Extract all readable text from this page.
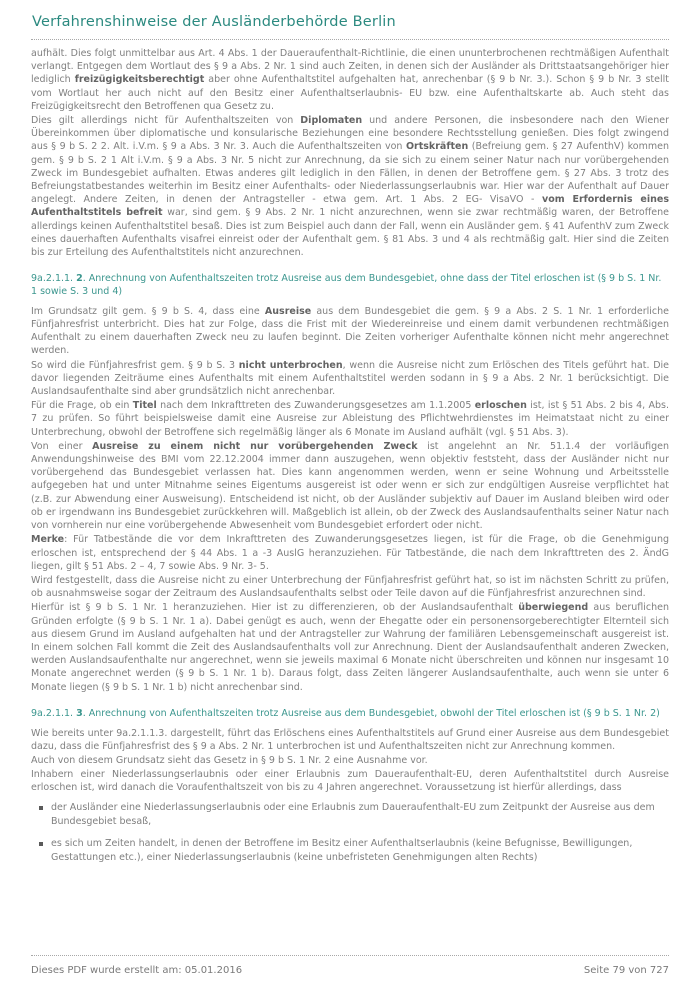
Verfahrenshinweise der Ausländerbehörde Berlin

aufhält. Dies folgt unmittelbar aus Art. 4 Abs. 1 der Daueraufenthalt-Richtlinie, die einen ununterbrochenen rechtmäßigen Aufenthalt verlangt. Entgegen dem Wortlaut des § 9 a Abs. 2 Nr. 1 sind auch Zeiten, in denen sich der Ausländer als Drittstaatsangehöriger hier lediglich freizügigkeitsberechtigt aber ohne Aufenthaltstitel aufgehalten hat, anrechenbar (§ 9 b Nr. 3.). Schon § 9 b Nr. 3 stellt vom Wortlaut her auch nicht auf den Besitz einer Aufenthaltserlaubnis- EU bzw. eine Aufenthaltskarte ab. Auch steht das Freizügigkeitsrecht den Betroffenen qua Gesetz zu.

Dies gilt allerdings nicht für Aufenthaltszeiten von Diplomaten und andere Personen, die insbesondere nach den Wiener Übereinkommen über diplomatische und konsularische Beziehungen eine besondere Rechtsstellung genießen. Dies folgt zwingend aus § 9 b S. 2 2. Alt. i.V.m. § 9 a Abs. 3 Nr. 3. Auch die Aufenthaltszeiten von Ortskräften (Befreiung gem. § 27 AufenthV) kommen gem. § 9 b S. 2 1 Alt i.V.m. § 9 a Abs. 3 Nr. 5 nicht zur Anrechnung, da sie sich zu einem seiner Natur nach nur vorübergehenden Zweck im Bundesgebiet aufhalten. Etwas anderes gilt lediglich in den Fällen, in denen der Betroffene gem. § 27 Abs. 3 trotz des Befreiungstatbestandes weiterhin im Besitz einer Aufenthalts- oder Niederlassungserlaubnis war. Hier war der Aufenthalt auf Dauer angelegt. Andere Zeiten, in denen der Antragsteller - etwa gem. Art. 1 Abs. 2 EG- VisaVO - vom Erfordernis eines Aufenthaltstitels befreit war, sind gem. § 9 Abs. 2 Nr. 1 nicht anzurechnen, wenn sie zwar rechtmäßig waren, der Betroffene allerdings keinen Aufenthaltstitel besaß. Dies ist zum Beispiel auch dann der Fall, wenn ein Ausländer gem. § 41 AufenthV zum Zweck eines dauerhaften Aufenthalts visafrei einreist oder der Aufenthalt gem. § 81 Abs. 3 und 4 als rechtmäßig galt. Hier sind die Zeiten bis zur Erteilung des Aufenthaltstitels nicht anzurechnen.

9a.2.1.1. 2. Anrechnung von Aufenthaltszeiten trotz Ausreise aus dem Bundesgebiet, ohne dass der Titel erloschen ist (§ 9 b S. 1 Nr. 1 sowie S. 3 und 4)

Im Grundsatz gilt gem. § 9 b S. 4, dass eine Ausreise aus dem Bundesgebiet die gem. § 9 a Abs. 2 S. 1 Nr. 1 erforderliche Fünfjahresfrist unterbricht. Dies hat zur Folge, dass die Frist mit der Wiedereinreise und einem damit verbundenen rechtmäßigen Aufenthalt zu einem dauerhaften Zweck neu zu laufen beginnt. Die Zeiten vorheriger Aufenthalte können nicht mehr angerechnet werden.

So wird die Fünfjahresfrist gem. § 9 b S. 3 nicht unterbrochen, wenn die Ausreise nicht zum Erlöschen des Titels geführt hat. Die davor liegenden Zeiträume eines Aufenthalts mit einem Aufenthaltstitel werden sodann in § 9 a Abs. 2 Nr. 1 berücksichtigt. Die Auslandsaufenthalte sind aber grundsätzlich nicht anrechenbar.

Für die Frage, ob ein Titel nach dem Inkrafttreten des Zuwanderungsgesetzes am 1.1.2005 erloschen ist, ist § 51 Abs. 2 bis 4, Abs. 7 zu prüfen. So führt beispielsweise damit eine Ausreise zur Ableistung des Pflichtwehrdienstes im Heimatstaat nicht zu einer Unterbrechung, obwohl der Betroffene sich regelmäßig länger als 6 Monate im Ausland aufhält (vgl. § 51 Abs. 3).

Von einer Ausreise zu einem nicht nur vorübergehenden Zweck ist angelehnt an Nr. 51.1.4 der vorläufigen Anwendungshinweise des BMI vom 22.12.2004 immer dann auszugehen, wenn objektiv feststeht, dass der Ausländer nicht nur vorübergehend das Bundesgebiet verlassen hat. Dies kann angenommen werden, wenn er seine Wohnung und Arbeitsstelle aufgegeben hat und unter Mitnahme seines Eigentums ausgereist ist oder wenn er sich zur endgültigen Ausreise verpflichtet hat (z.B. zur Abwendung einer Ausweisung). Entscheidend ist nicht, ob der Ausländer subjektiv auf Dauer im Ausland bleiben wird oder ob er irgendwann ins Bundesgebiet zurückkehren will. Maßgeblich ist allein, ob der Zweck des Auslandsaufenthalts seiner Natur nach von vornherein nur eine vorübergehende Abwesenheit vom Bundesgebiet erfordert oder nicht.

Merke: Für Tatbestände die vor dem Inkrafttreten des Zuwanderungsgesetzes liegen, ist für die Frage, ob die Genehmigung erloschen ist, entsprechend der § 44 Abs. 1 a -3 AuslG heranzuziehen. Für Tatbestände, die nach dem Inkrafttreten des 2. ÄndG liegen, gilt § 51 Abs. 2 – 4, 7 sowie Abs. 9 Nr. 3- 5.

Wird festgestellt, dass die Ausreise nicht zu einer Unterbrechung der Fünfjahresfrist geführt hat, so ist im nächsten Schritt zu prüfen, ob ausnahmsweise sogar der Zeitraum des Auslandsaufenthalts selbst oder Teile davon auf die Fünfjahresfrist anzurechnen sind.

Hierfür ist § 9 b S. 1 Nr. 1 heranzuziehen. Hier ist zu differenzieren, ob der Auslandsaufenthalt überwiegend aus beruflichen Gründen erfolgte (§ 9 b S. 1 Nr. 1 a). Dabei genügt es auch, wenn der Ehegatte oder ein personensorgeberechtigter Elternteil sich aus diesem Grund im Ausland aufgehalten hat und der Antragsteller zur Wahrung der familiären Lebensgemeinschaft ausgereist ist. In einem solchen Fall kommt die Zeit des Auslandsaufenthalts voll zur Anrechnung. Dient der Auslandsaufenthalt anderen Zwecken, werden Auslandsaufenthalte nur angerechnet, wenn sie jeweils maximal 6 Monate nicht überschreiten und können nur insgesamt 10 Monate angerechnet werden (§ 9 b S. 1 Nr. 1 b). Daraus folgt, dass Zeiten längerer Auslandsaufenthalte, auch wenn sie unter 6 Monate liegen (§ 9 b S. 1 Nr. 1 b) nicht anrechenbar sind.

9a.2.1.1. 3. Anrechnung von Aufenthaltszeiten trotz Ausreise aus dem Bundesgebiet, obwohl der Titel erloschen ist (§ 9 b S. 1 Nr. 2)

Wie bereits unter 9a.2.1.1.3. dargestellt, führt das Erlöschens eines Aufenthaltstitels auf Grund einer Ausreise aus dem Bundesgebiet dazu, dass die Fünfjahresfrist des § 9 a Abs. 2 Nr. 1 unterbrochen ist und Aufenthaltszeiten nicht zur Anrechnung kommen.

Auch von diesem Grundsatz sieht das Gesetz in § 9 b S. 1 Nr. 2 eine Ausnahme vor.

Inhabern einer Niederlassungserlaubnis oder einer Erlaubnis zum Daueraufenthalt-EU, deren Aufenthaltstitel durch Ausreise erloschen ist, wird danach die Voraufenthaltszeit von bis zu 4 Jahren angerechnet. Voraussetzung ist hierfür allerdings, dass

der Ausländer eine Niederlassungserlaubnis oder eine Erlaubnis zum Daueraufenthalt-EU zum Zeitpunkt der Ausreise aus dem Bundesgebiet besaß,
es sich um Zeiten handelt, in denen der Betroffene im Besitz einer Aufenthaltserlaubnis (keine Befugnisse, Bewilligungen, Gestattungen etc.), einer Niederlassungserlaubnis (keine unbefristeten Genehmigungen alten Rechts)
Dieses PDF wurde erstellt am: 05.01.2016	Seite 79 von 727
